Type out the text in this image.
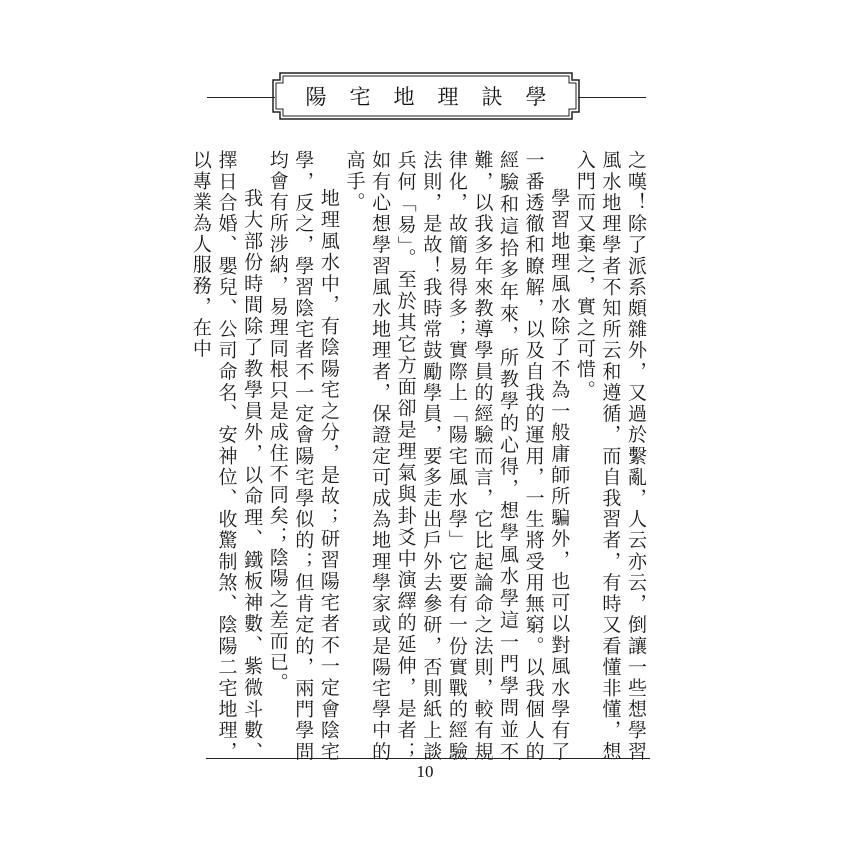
陽 宅 地 理 訣 學

之嘆！除了派系頗雜外，又過於繫亂，人云亦云，倒讓一些想學習風水地理學者不知所云和遵循，而自我習者，有時又看懂非懂，想入門而又棄之，實之可惜。

學習地理風水除了不為一般庸師所騙外，也可以對風水學有了一番透徹和瞭解，以及自我的運用，一生將受用無窮。以我個人的經驗和這拾多年來，所教學的心得，想學風水學這一門學問並不難，以我多年來教導學員的經驗而言，它比起論命之法則，較有規律化，故簡易得多；實際上「陽宅風水學」它要有一份實戰的經驗法則，是故！我時常鼓勵學員，要多走出戶外去參研，否則紙上談兵何「易」。至於其它方面卻是理氣與卦爻中演繹的延伸，是者；如有心想學習風水地理者，保證定可成為地理學家或是陽宅學中的高手。

地理風水中，有陰陽宅之分，是故；研習陽宅者不一定會陰宅學，反之，學習陰宅者不一定會陽宅學似的；但肯定的，兩門學問均會有所涉納，易理同根只是成住不同矣；陰陽之差而已。

我大部份時間除了教學員外，以命理、鐵板神數、紫微斗數、擇日合婚、嬰兒、公司命名、安神位、收驚制煞、陰陽二宅地理，以專業為人服務，在中

10
